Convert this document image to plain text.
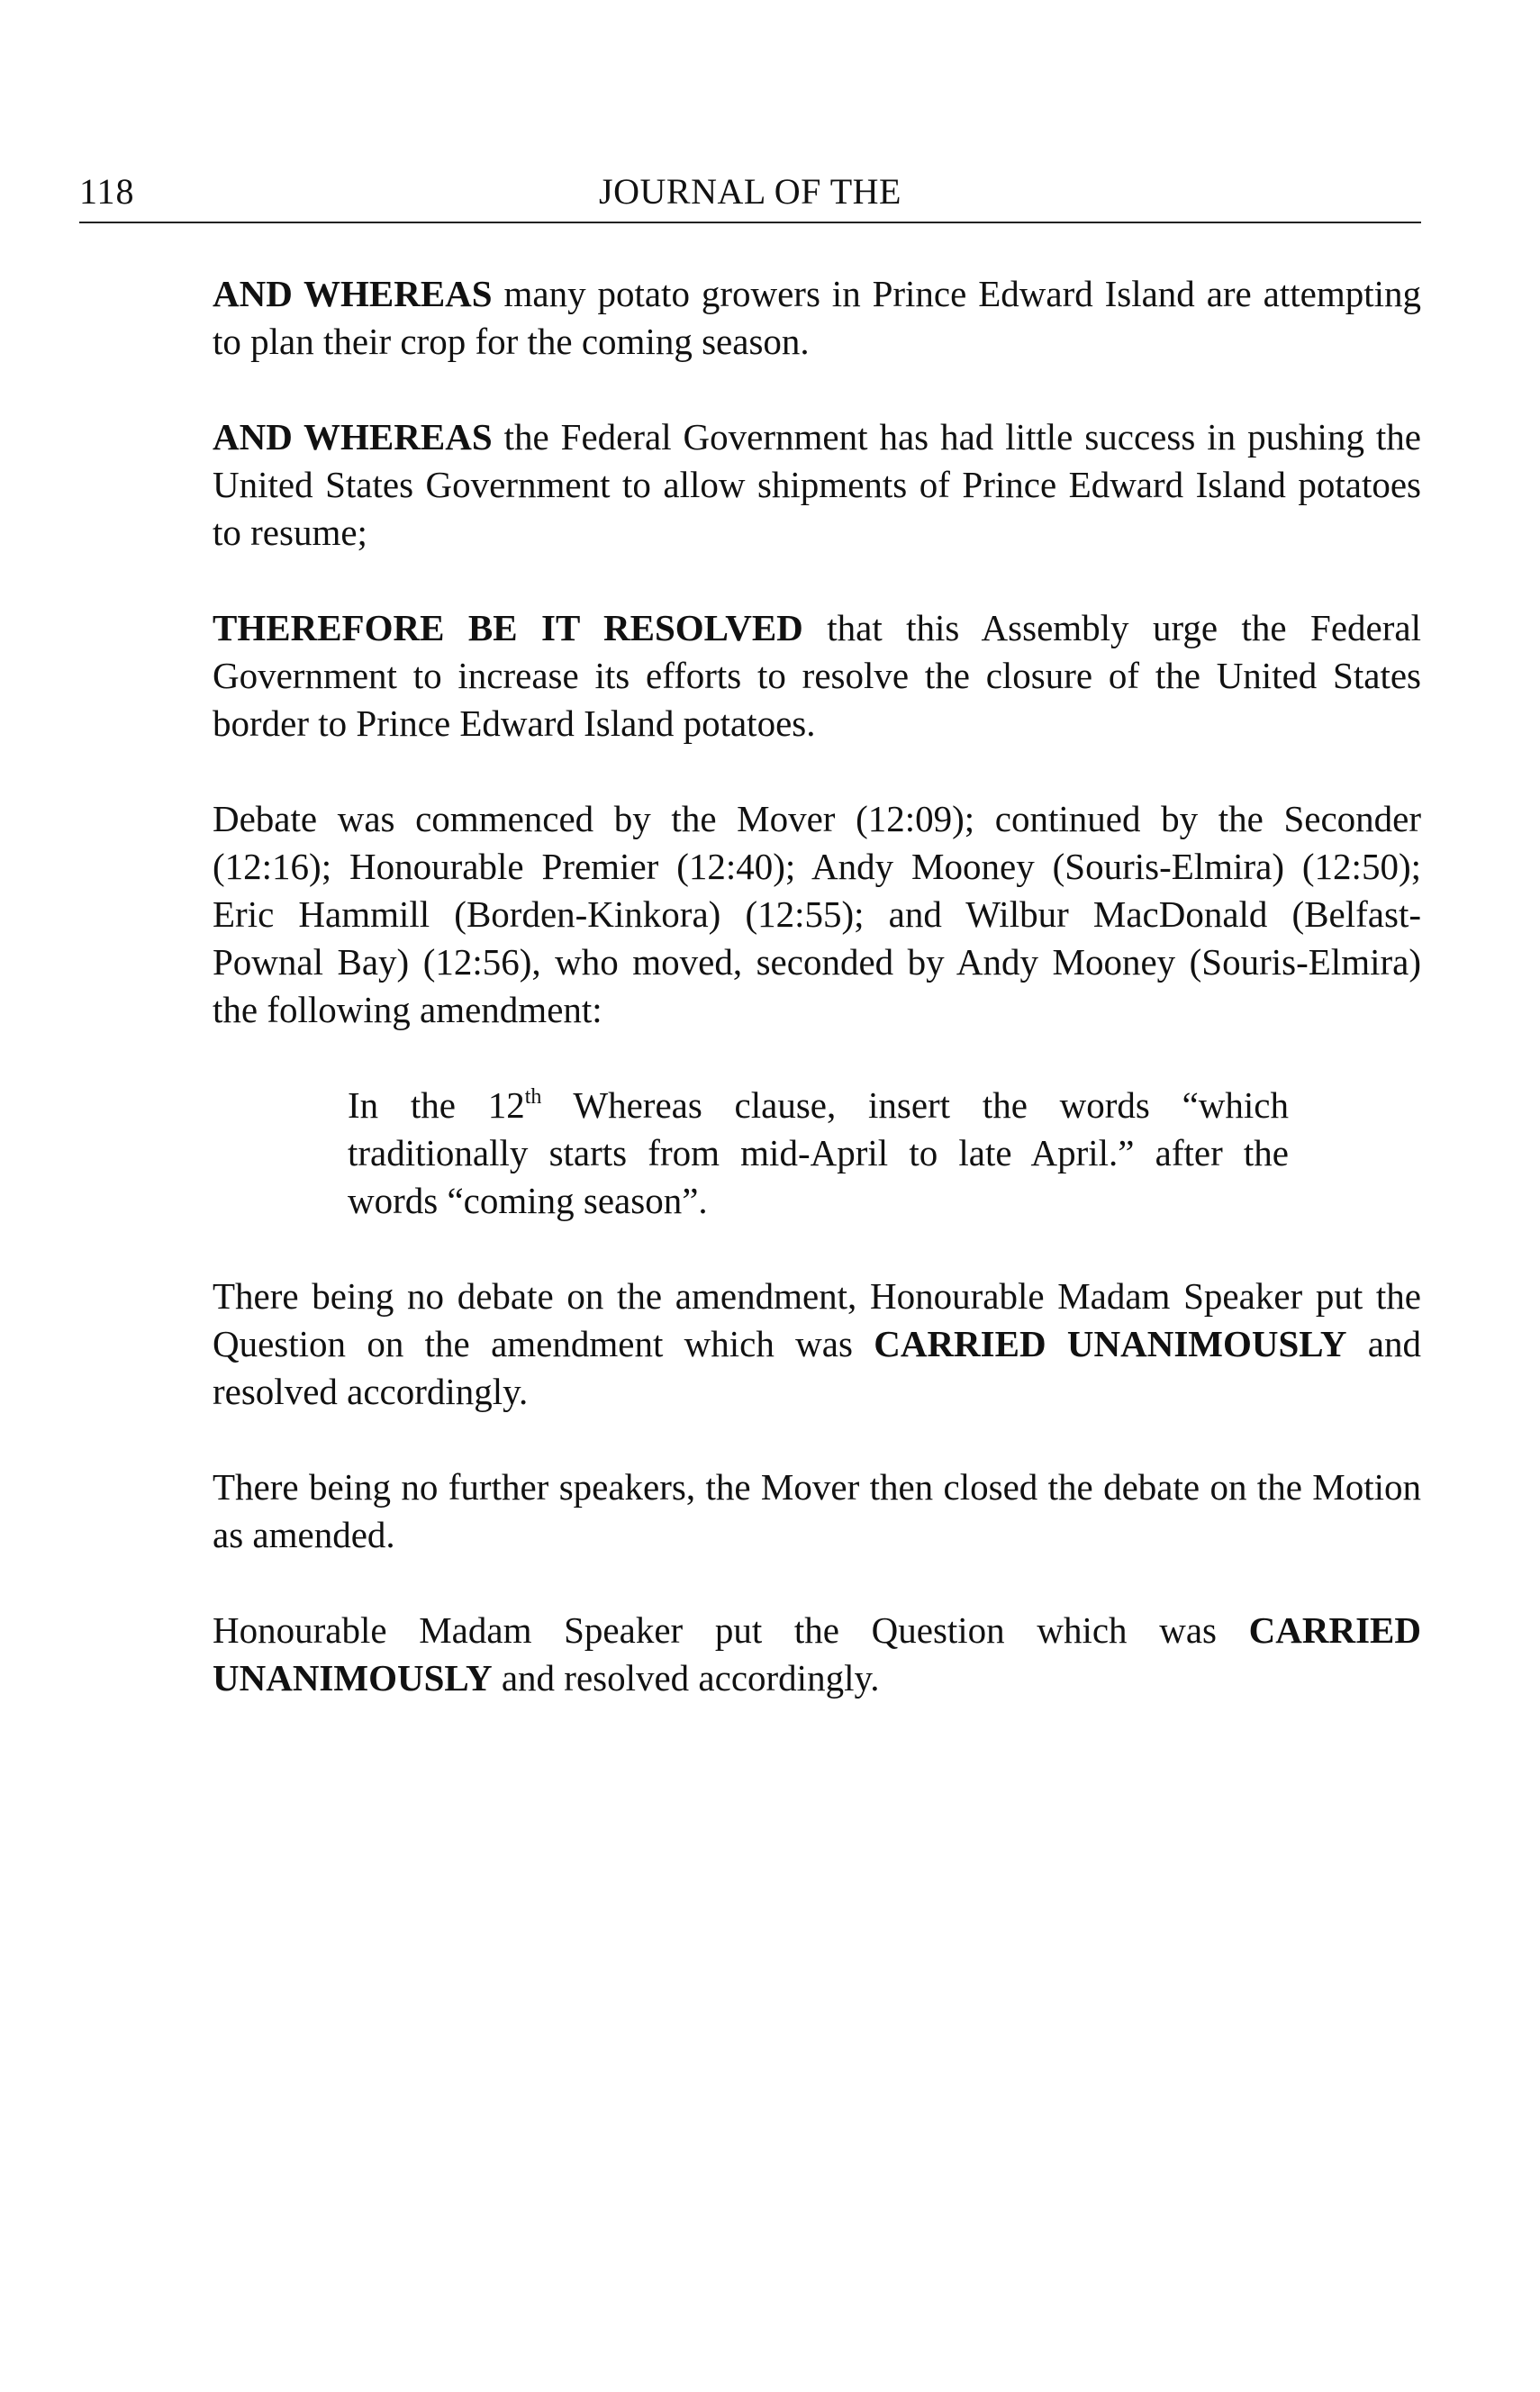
118	JOURNAL OF THE

AND WHEREAS many potato growers in Prince Edward Island are attempting to plan their crop for the coming season.

AND WHEREAS the Federal Government has had little success in pushing the United States Government to allow shipments of Prince Edward Island potatoes to resume;

THEREFORE BE IT RESOLVED that this Assembly urge the Federal Government to increase its efforts to resolve the closure of the United States border to Prince Edward Island potatoes.

Debate was commenced by the Mover (12:09); continued by the Seconder (12:16); Honourable Premier (12:40); Andy Mooney (Souris-Elmira) (12:50); Eric Hammill (Borden-Kinkora) (12:55); and Wilbur MacDonald (Belfast-Pownal Bay) (12:56), who moved, seconded by Andy Mooney (Souris-Elmira) the following amendment:

In the 12th Whereas clause, insert the words “which traditionally starts from mid-April to late April.” after the words “coming season”.

There being no debate on the amendment, Honourable Madam Speaker put the Question on the amendment which was CARRIED UNANIMOUSLY and resolved accordingly.

There being no further speakers, the Mover then closed the debate on the Motion as amended.

Honourable Madam Speaker put the Question which was CARRIED UNANIMOUSLY and resolved accordingly.
